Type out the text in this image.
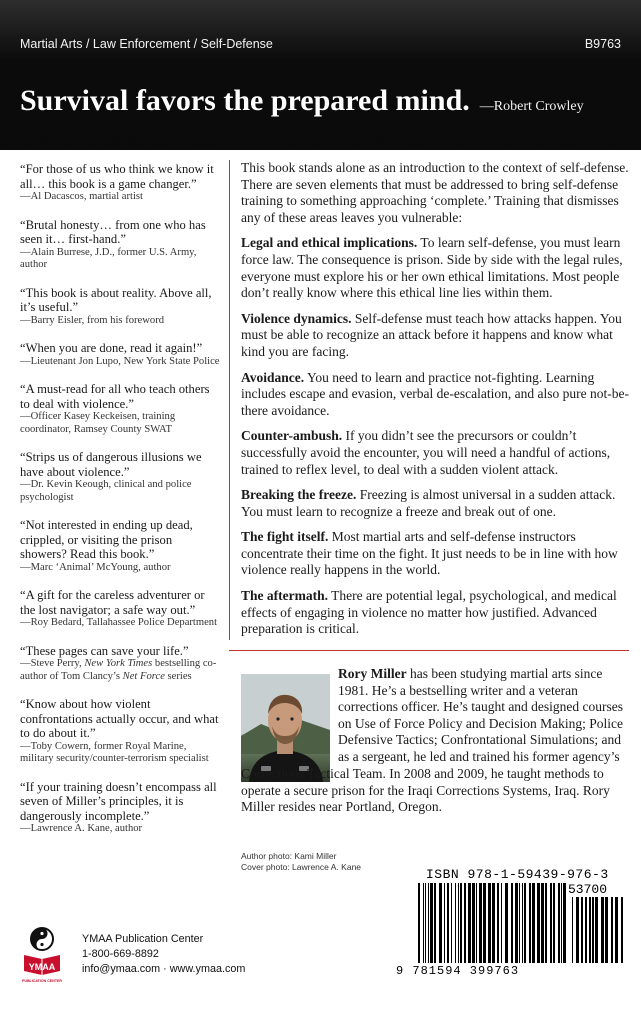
Martial Arts / Law Enforcement / Self-Defense	B9763
Survival favors the prepared mind. —Robert Crowley
“For those of us who think we know it all… this book is a game changer.”
—Al Dacascos, martial artist
“Brutal honesty… from one who has seen it… first-hand.”
—Alain Burrese, J.D., former U.S. Army, author
“This book is about reality. Above all, it’s useful.”
—Barry Eisler, from his foreword
“When you are done, read it again!”
—Lieutenant Jon Lupo, New York State Police
“A must-read for all who teach others to deal with violence.”
—Officer Kasey Keckeisen, training coordinator, Ramsey County SWAT
“Strips us of dangerous illusions we have about violence.”
—Dr. Kevin Keough, clinical and police psychologist
“Not interested in ending up dead, crippled, or visiting the prison showers? Read this book.”
—Marc ‘Animal’ McYoung, author
“A gift for the careless adventurer or the lost navigator; a safe way out.”
—Roy Bedard, Tallahassee Police Department
“These pages can save your life.”
—Steve Perry, New York Times bestselling co-author of Tom Clancy’s Net Force series
“Know about how violent confrontations actually occur, and what to do about it.”
—Toby Cowern, former Royal Marine, military security/counter-terrorism specialist
“If your training doesn’t encompass all seven of Miller’s principles, it is dangerously incomplete.”
—Lawrence A. Kane, author

This book stands alone as an introduction to the context of self-defense. There are seven elements that must be addressed to bring self-defense training to something approaching ‘complete.’ Training that dismisses any of these areas leaves you vulnerable:

Legal and ethical implications. To learn self-defense, you must learn force law. The consequence is prison. Side by side with the legal rules, everyone must explore his or her own ethical limitations. Most people don’t really know where this ethical line lies within them.

Violence dynamics. Self-defense must teach how attacks happen. You must be able to recognize an attack before it happens and know what kind you are facing.

Avoidance. You need to learn and practice not-fighting. Learning includes escape and evasion, verbal de-escalation, and also pure not-be-there avoidance.

Counter-ambush. If you didn’t see the precursors or couldn’t successfully avoid the encounter, you will need a handful of actions, trained to reflex level, to deal with a sudden violent attack.

Breaking the freeze. Freezing is almost universal in a sudden attack. You must learn to recognize a freeze and break out of one.

The fight itself. Most martial arts and self-defense instructors concentrate their time on the fight. It just needs to be in line with how violence really happens in the world.

The aftermath. There are potential legal, psychological, and medical effects of engaging in violence no matter how justified. Advanced preparation is critical.

Rory Miller has been studying martial arts since 1981. He’s a bestselling writer and a veteran corrections officer. He’s taught and designed courses on Use of Force Policy and Decision Making; Police Defensive Tactics; Confrontational Simulations; and as a sergeant, he led and trained his former agency’s
Corrections Tactical Team. In 2008 and 2009, he taught methods to operate a secure prison for the Iraqi Corrections Systems, Iraq. Rory Miller resides near Portland, Oregon.
Author photo: Kami Miller
Cover photo: Lawrence A. Kane
YMAA
PUBLICATION CENTER
YMAA Publication Center
1-800-669-8892
info@ymaa.com · www.ymaa.com
ISBN 978-1-59439-976-3
53700
9 781594 399763
